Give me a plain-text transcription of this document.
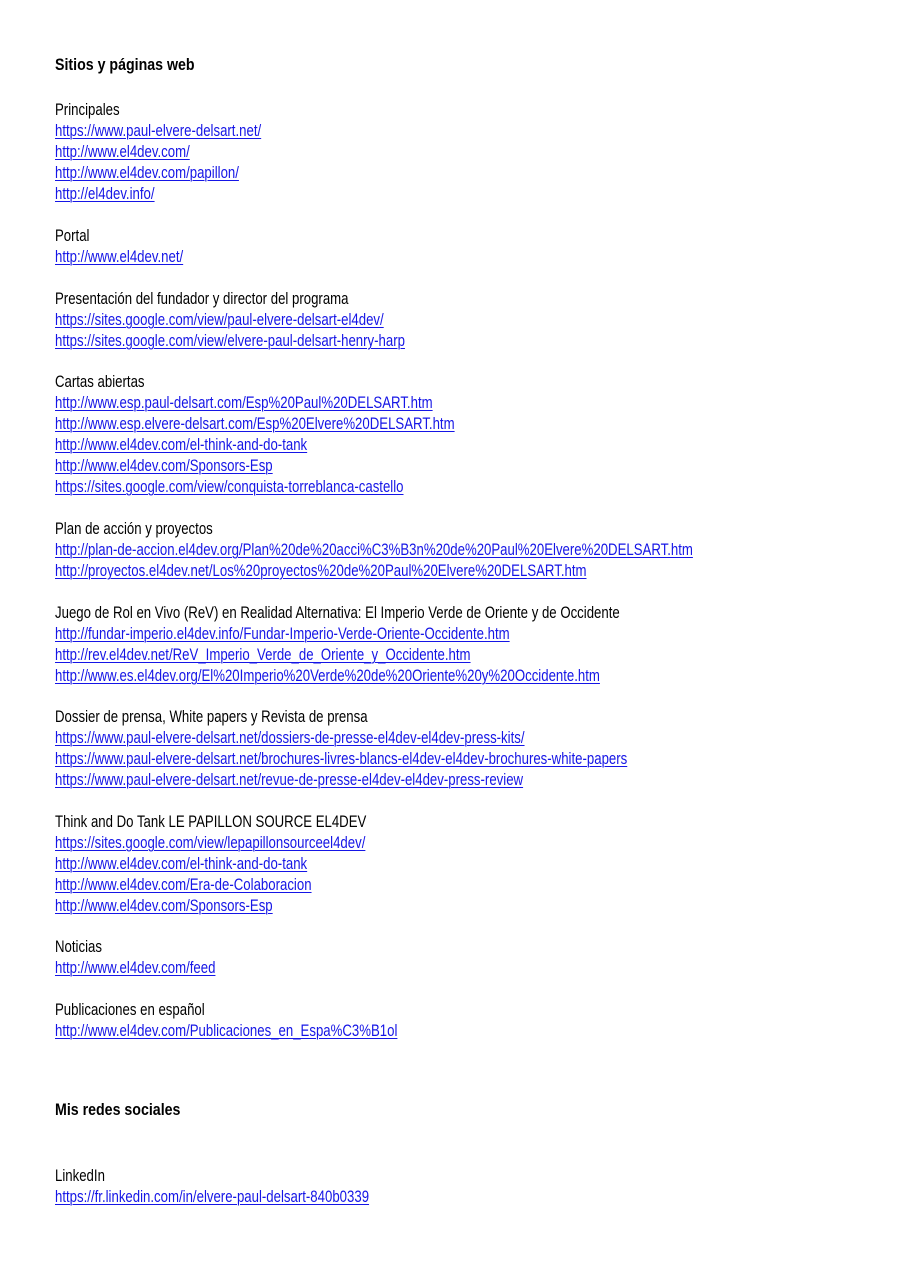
Sitios y páginas web
Principales
https://www.paul-elvere-delsart.net/
http://www.el4dev.com/
http://www.el4dev.com/papillon/
http://el4dev.info/
Portal
http://www.el4dev.net/
Presentación del fundador y director del programa
https://sites.google.com/view/paul-elvere-delsart-el4dev/
https://sites.google.com/view/elvere-paul-delsart-henry-harp
Cartas abiertas
http://www.esp.paul-delsart.com/Esp%20Paul%20DELSART.htm
http://www.esp.elvere-delsart.com/Esp%20Elvere%20DELSART.htm
http://www.el4dev.com/el-think-and-do-tank
http://www.el4dev.com/Sponsors-Esp
https://sites.google.com/view/conquista-torreblanca-castello
Plan de acción y proyectos
http://plan-de-accion.el4dev.org/Plan%20de%20acci%C3%B3n%20de%20Paul%20Elvere%20DELSART.htm
http://proyectos.el4dev.net/Los%20proyectos%20de%20Paul%20Elvere%20DELSART.htm
Juego de Rol en Vivo (ReV) en Realidad Alternativa: El Imperio Verde de Oriente y de Occidente
http://fundar-imperio.el4dev.info/Fundar-Imperio-Verde-Oriente-Occidente.htm
http://rev.el4dev.net/ReV_Imperio_Verde_de_Oriente_y_Occidente.htm
http://www.es.el4dev.org/El%20Imperio%20Verde%20de%20Oriente%20y%20Occidente.htm
Dossier de prensa, White papers y Revista de prensa
https://www.paul-elvere-delsart.net/dossiers-de-presse-el4dev-el4dev-press-kits/
https://www.paul-elvere-delsart.net/brochures-livres-blancs-el4dev-el4dev-brochures-white-papers
https://www.paul-elvere-delsart.net/revue-de-presse-el4dev-el4dev-press-review
Think and Do Tank LE PAPILLON SOURCE EL4DEV
https://sites.google.com/view/lepapillonsourceel4dev/
http://www.el4dev.com/el-think-and-do-tank
http://www.el4dev.com/Era-de-Colaboracion
http://www.el4dev.com/Sponsors-Esp
Noticias
http://www.el4dev.com/feed
Publicaciones en español
http://www.el4dev.com/Publicaciones_en_Espa%C3%B1ol
Mis redes sociales
LinkedIn
https://fr.linkedin.com/in/elvere-paul-delsart-840b0339
